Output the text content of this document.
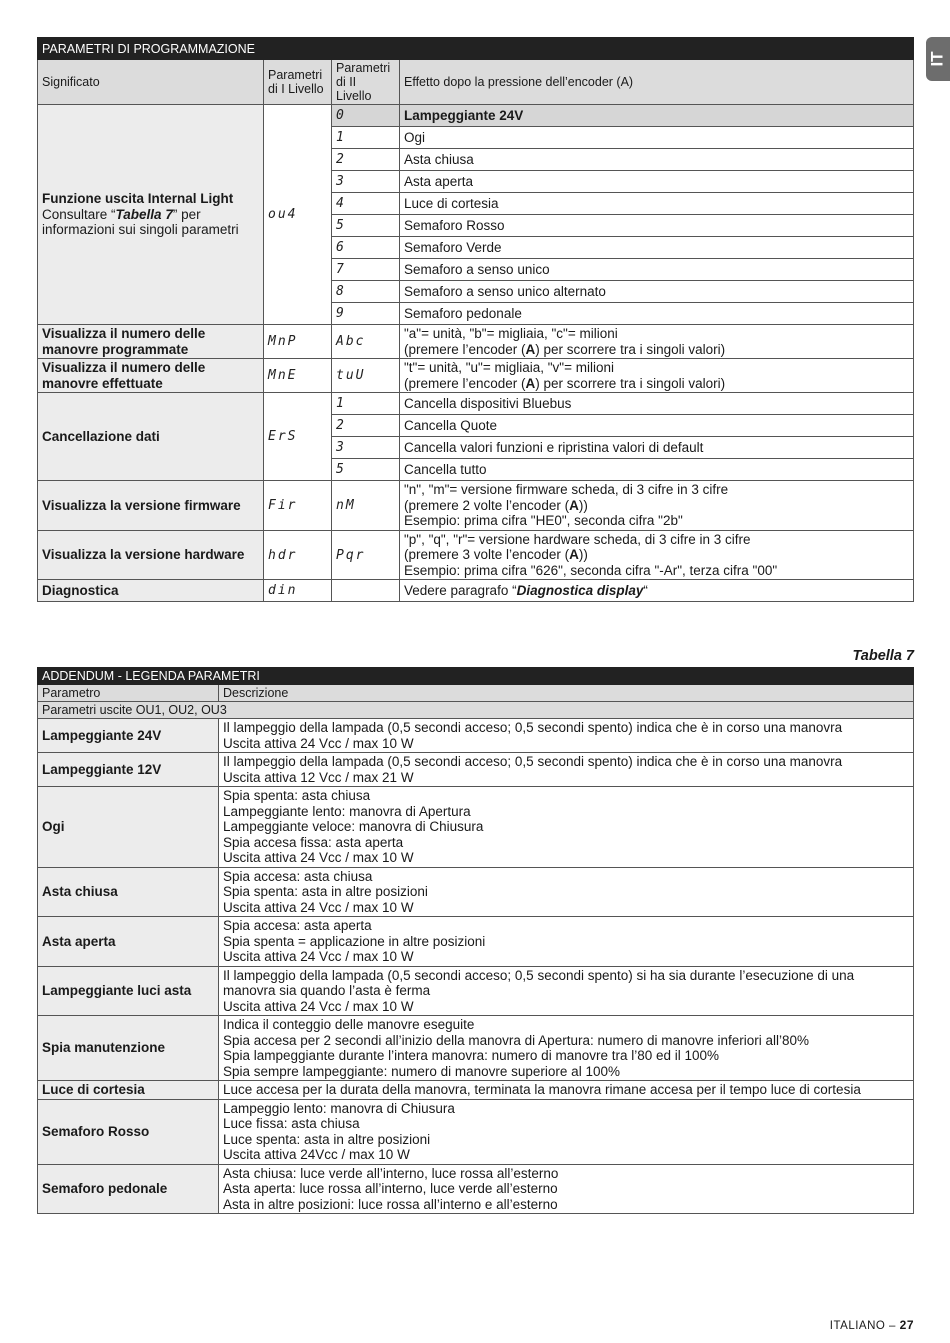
IT
PARAMETRI DI PROGRAMMAZIONE			
Significato	Parametri di I Livello	Parametri di II Livello	Effetto dopo la pressione dell’encoder (A)
Funzione uscita Internal Light
Consultare “Tabella 7” per informazioni sui singoli parametri	ou4	0	Lampeggiante 24V
		1	Ogi
		2	Asta chiusa
		3	Asta aperta
		4	Luce di cortesia
		5	Semaforo Rosso
		6	Semaforo Verde
		7	Semaforo a senso unico
		8	Semaforo a senso unico alternato
		9	Semaforo pedonale
Visualizza il numero delle manovre programmate	MnP	Abc	"a"= unità, "b"= migliaia, "c"= milioni
(premere l’encoder (A) per scorrere tra i singoli valori)
Visualizza il numero delle manovre effettuate	MnE	tuU	"t"= unità, "u"= migliaia, "v"= milioni
(premere l’encoder (A) per scorrere tra i singoli valori)
Cancellazione dati	ErS	1	Cancella dispositivi Bluebus
		2	Cancella Quote
		3	Cancella valori funzioni e ripristina valori di default
		5	Cancella tutto
Visualizza la versione firmware	Fir	nM	"n", "m"= versione firmware scheda, di 3 cifre in 3 cifre
(premere 2 volte l’encoder (A))
Esempio: prima cifra "HE0", seconda cifra "2b"
Visualizza la versione hardware	hdr	Pqr	"p", "q", "r"= versione hardware scheda, di 3 cifre in 3 cifre
(premere 3 volte l’encoder (A))
Esempio: prima cifra "626", seconda cifra "-Ar", terza cifra "00"
Diagnostica	din		Vedere paragrafo “Diagnostica display“
Tabella 7
ADDENDUM - LEGENDA PARAMETRI	
Parametro	Descrizione
Parametri uscite OU1, OU2, OU3	
Lampeggiante 24V	Il lampeggio della lampada (0,5 secondi acceso; 0,5 secondi spento) indica che è in corso una manovra
Uscita attiva 24 Vcc / max 10 W

Lampeggiante 12V	Il lampeggio della lampada (0,5 secondi acceso; 0,5 secondi spento) indica che è in corso una manovra
Uscita attiva 12 Vcc / max 21 W

Ogi	Spia spenta: asta chiusa
Lampeggiante lento: manovra di Apertura
Lampeggiante veloce: manovra di Chiusura
Spia accesa fissa: asta aperta
Uscita attiva 24 Vcc / max 10 W

Asta chiusa	Spia accesa: asta chiusa
Spia spenta: asta in altre posizioni
Uscita attiva 24 Vcc / max 10 W

Asta aperta	Spia accesa: asta aperta
Spia spenta = applicazione in altre posizioni
Uscita attiva 24 Vcc / max 10 W

Lampeggiante luci asta	Il lampeggio della lampada (0,5 secondi acceso; 0,5 secondi spento) si ha sia durante l’esecuzione di una manovra sia quando l’asta è ferma
Uscita attiva 24 Vcc / max 10 W

Spia manutenzione	Indica il conteggio delle manovre eseguite
Spia accesa per 2 secondi all’inizio della manovra di Apertura: numero di manovre inferiori all’80%
Spia lampeggiante durante l’intera manovra: numero di manovre tra l’80 ed il 100%
Spia sempre lampeggiante: numero di manovre superiore al 100%

Luce di cortesia	Luce accesa per la durata della manovra, terminata la manovra rimane accesa per il tempo luce di cortesia

Semaforo Rosso	Lampeggio lento: manovra di Chiusura
Luce fissa: asta chiusa
Luce spenta: asta in altre posizioni
Uscita attiva 24Vcc / max 10 W

Semaforo pedonale	Asta chiusa: luce verde all’interno, luce rossa all’esterno
Asta aperta: luce rossa all’interno, luce verde all’esterno
Asta in altre posizioni: luce rossa all’interno e all’esterno
ITALIANO – 27
